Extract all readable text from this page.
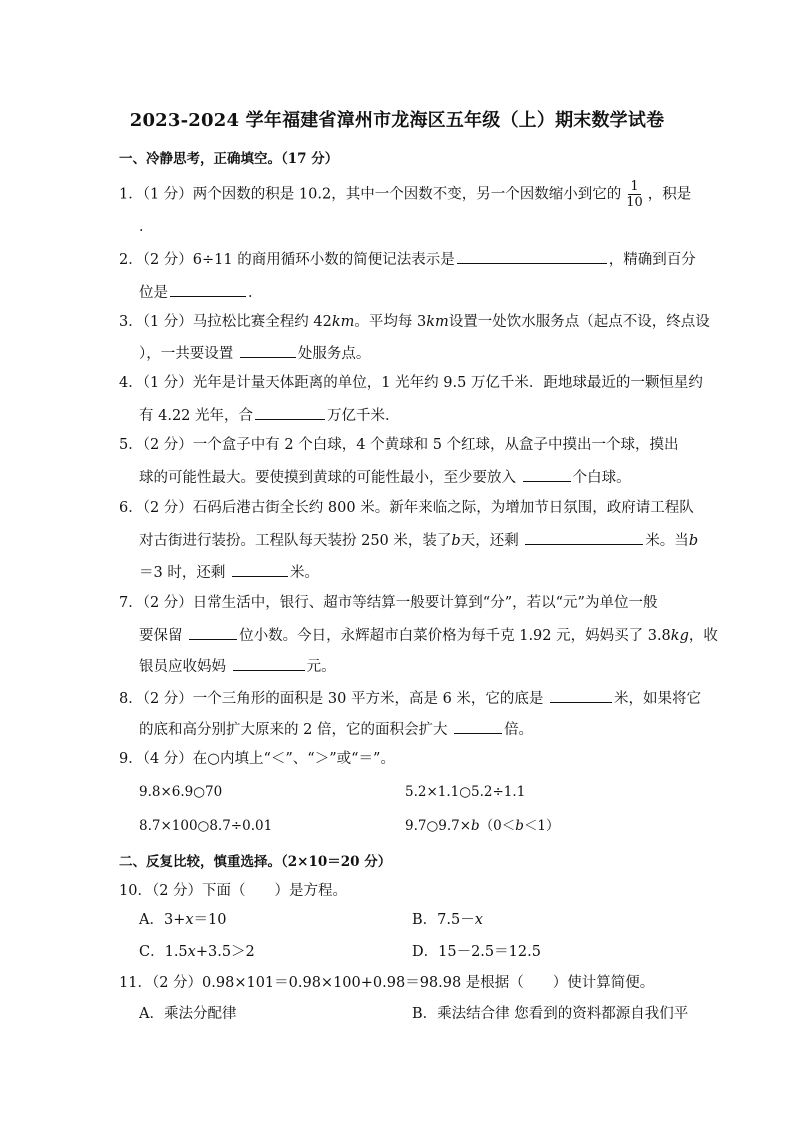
2023-2024 学年福建省漳州市龙海区五年级（上）期末数学试卷
一、冷静思考，正确填空。（17 分）
1．（1 分）两个因数的积是 10.2，其中一个因数不变，另一个因数缩小到它的 $\frac{1}{10}$ ，积是
．
2．（2 分）6÷11 的商用循环小数的简便记法表示是	，精确到百分
位是	．
3．（1 分）马拉松比赛全程约 42km。平均每 3km设置一处饮水服务点（起点不设，终点设
），一共要设置	处服务点。
4．（1 分）光年是计量天体距离的单位，1 光年约 9.5 万亿千米．距地球最近的一颗恒星约
有 4.22 光年，合	万亿千米．
5．（2 分）一个盒子中有 2 个白球，4 个黄球和 5 个红球，从盒子中摸出一个球，摸出
球的可能性最大。要使摸到黄球的可能性最小，至少要放入	个白球。
6．（2 分）石码后港古街全长约 800 米。新年来临之际，为增加节日氛围，政府请工程队
对古街进行装扮。工程队每天装扮 250 米，装了b天，还剩	米。当b
＝3 时，还剩	米。
7．（2 分）日常生活中，银行、超市等结算一般要计算到“分”，若以“元”为单位一般
要保留	位小数。今日，永辉超市白菜价格为每千克 1.92 元，妈妈买了 3.8kg，收
银员应收妈妈	元。
8．（2 分）一个三角形的面积是 30 平方米，高是 6 米，它的底是	米，如果将它
的底和高分别扩大原来的 2 倍，它的面积会扩大	倍。
9．（4 分）在○内填上“＜”、“＞”或“＝”。
9.8×6.9○70	5.2×1.1○5.2÷1.1
8.7×100○8.7÷0.01	9.7○9.7×b（0＜b＜1）
二、反复比较，慎重选择。（2×10＝20 分）
10．（2 分）下面（　　）是方程。
A．3+x＝10	B．7.5－x
C．1.5x+3.5＞2	D．15－2.5＝12.5
11．（2 分）0.98×101＝0.98×100+0.98＝98.98 是根据（　　）使计算简便。
A．乘法分配律	B．乘法结合律 您看到的资料都源自我们平
